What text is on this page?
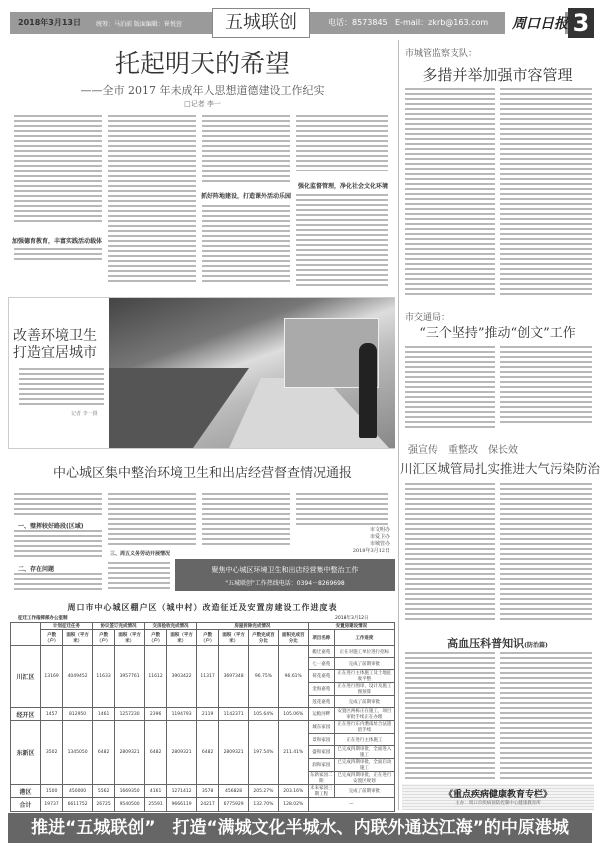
2018年3月13日	统筹：马泊前 版面编辑：崔悦萱	电话：8573845 E-mail：zkrb@163.com
五城联创	周口日报 3
托起明天的希望
——全市 2017 年未成年人思想道德建设工作纪实
□记者 李一
加强德育教育，丰富实践活动载体
抓好阵地建设，打造课外活动乐园
强化监督管理，净化社会文化环境
改善环境卫生
打造宜居城市
记者 李一摄
中心城区集中整治环境卫生和出店经营督查情况通报
一、璧挥较好路段(区域)
二、存在问题
三、周五义务劳动开展情况
市文明办
市爱卫办
市城管办
2018年3月12日
聚焦中心城区环境卫生和出店经营集中整治工作
"五城联创"工作热线电话：0394－8269698
周口市中心城区棚户区（城中村）改造征迁及安置房建设工作进度表
征迁工作指挥部办公室制	2018年3月12日
	计划征迁任务		协议签订完成情况		交房验收完成情况		房屋拆除完成情况				安置房建设情况	
	户数（户）	面积（平方米）	户数（户）	面积（平方米）	户数（户）	面积（平方米）	户数（户）	面积（平方米）	户数完成百分比	面积完成百分比	项目名称	工作进度
川汇区	13169	4049452	11633	3957761	11612	3903422	11317	3697348	96.75%	96.61%	搬迁嘉苑	正在对施工单位进行招标
											七一嘉苑	完成了前期审批
											荷花嘉苑	正在进行主体施工及土地征收平整
											金海嘉苑	正在进行图审、设计及施工图预算
											莲花嘉苑	完成了前期审批
经开区	1457	812950	1461	1257230	2396	1194793	2119	1142371	105.64%	105.06%	运粮河畔	安置区两栋正在施工，项目审批手续正在办理
东新区	3502	1345050	6482	2809321	6482	2809321	6482	2809321	197.54%	211.41%	城东家园	正在进行东内漕南址合法遗留手续
											景和家园	正在进行主体施工
											盛和家园	已完成四期审批，全面进入施工
											润和家园	已完成四期审批，全面启动施工
											东新家园二期	已完成四期审批，正在进行安置区规划
港区	1500	450000	5562	1669350	4161	1271412	3578	456828	205.27%	203.16%	未来家园三期工程	完成了前期审批
合计	19737	6611752	26725	9540500	25591	9666119	24217	6775929	132.70%	128.02%	—	
市城管监察支队：
多措并举加强市容管理
市交通局：
“三个坚持”推动“创文”工作
强宣传　重整改　保长效
川汇区城管局扎实推进大气污染防治
高血压科普知识(防治篇)
《重点疾病健康教育专栏》
主办：周口市疾病预防控制中心健康教育所
推进“五城联创”　打造“满城文化半城水、内联外通达江海”的中原港城
